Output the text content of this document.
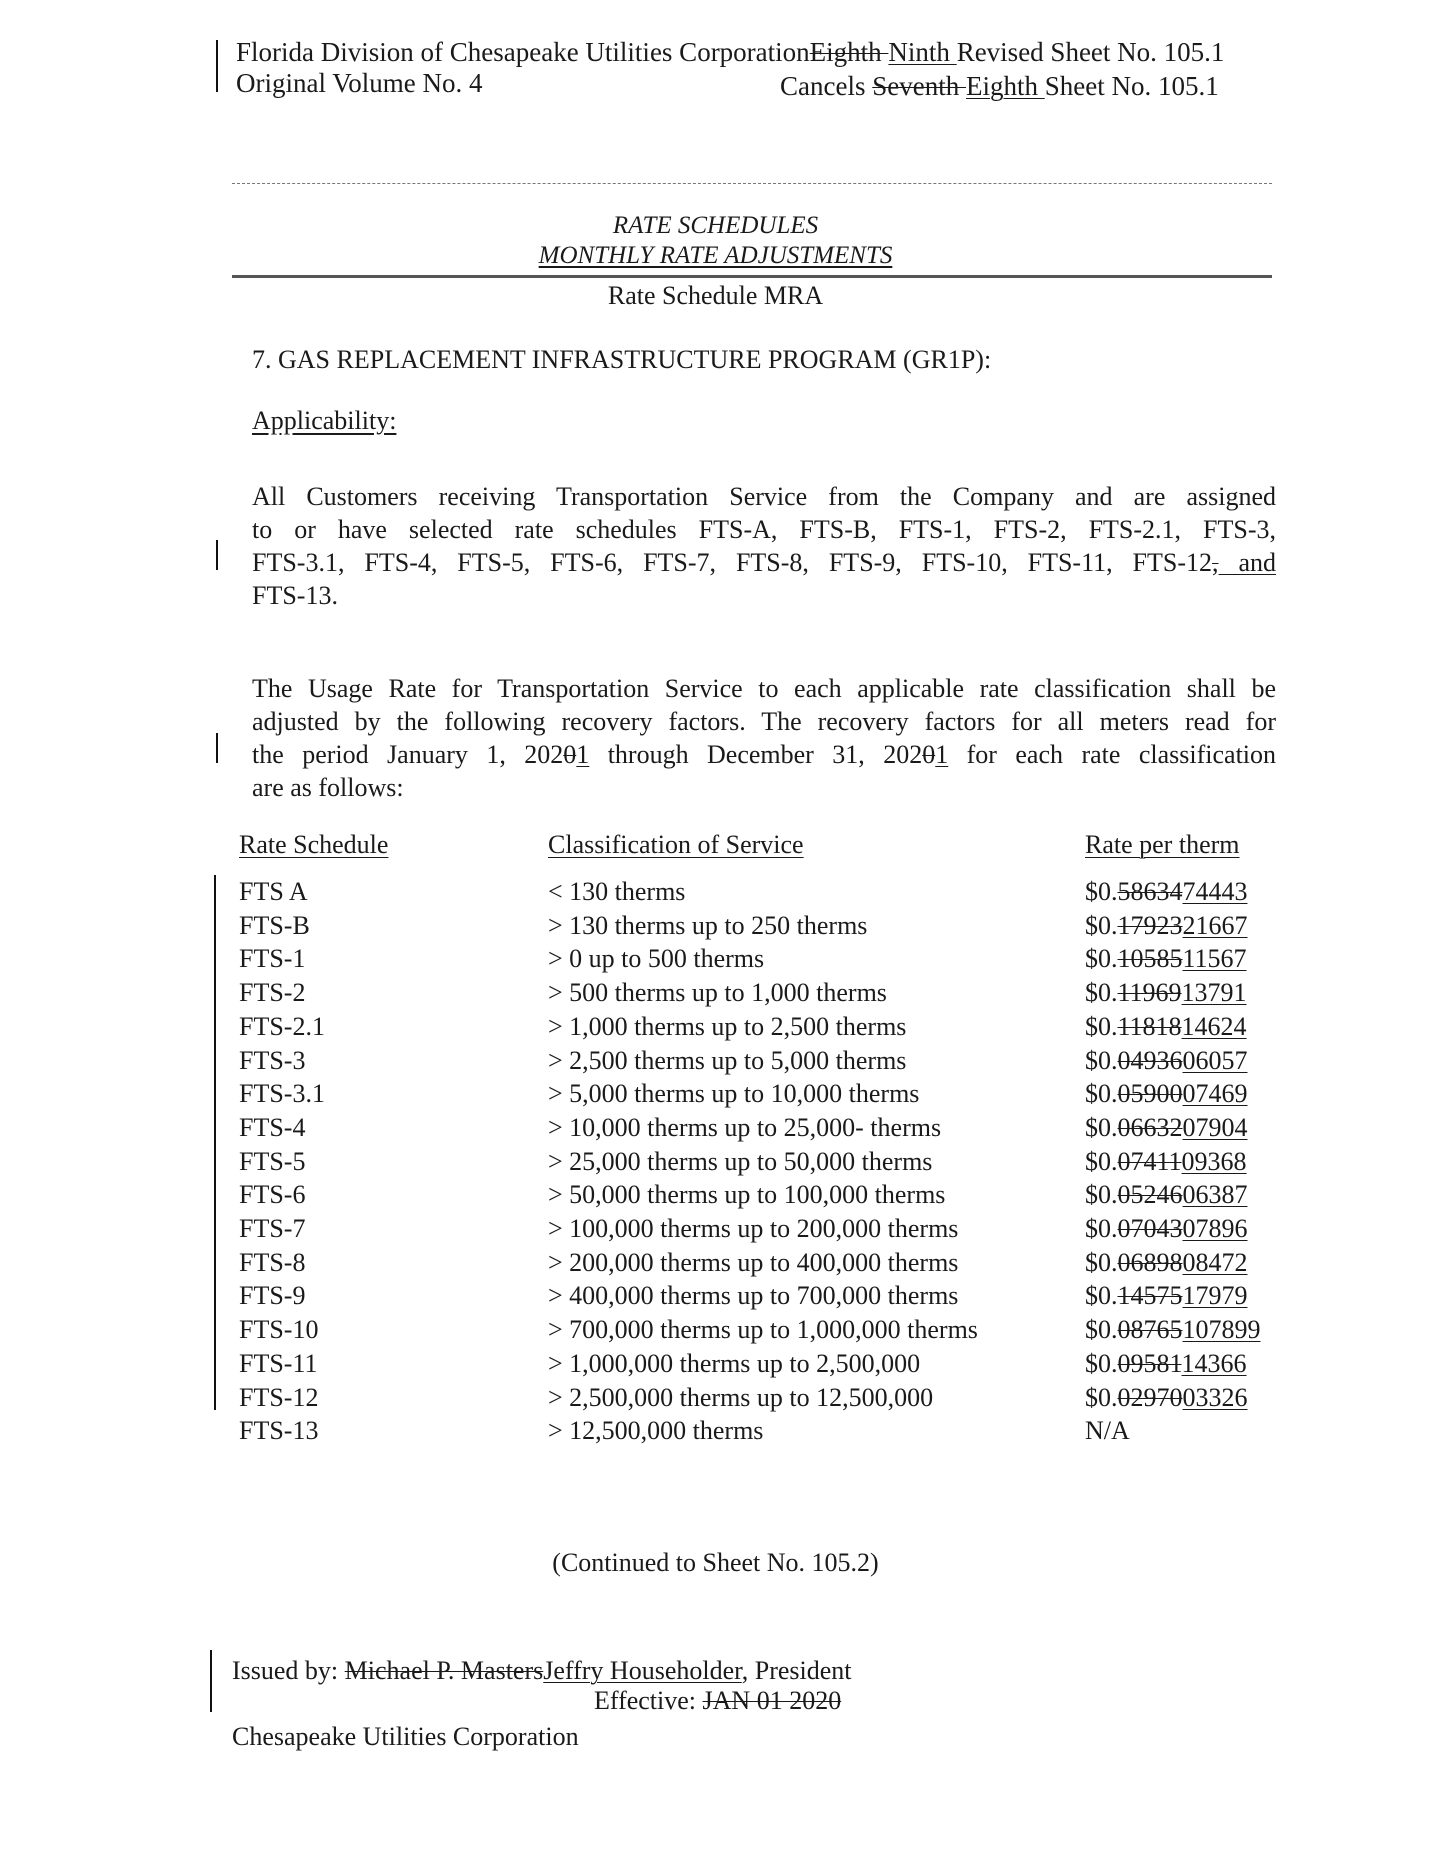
Florida Division of Chesapeake Utilities CorporationEighth Ninth Revised Sheet No. 105.1
Original Volume No. 4	Cancels Seventh Eighth Sheet No. 105.1
RATE SCHEDULES
MONTHLY RATE ADJUSTMENTS
Rate Schedule MRA
7. GAS REPLACEMENT INFRASTRUCTURE PROGRAM (GR1P):
Applicability:
All Customers receiving Transportation Service from the Company and are assigned
to or have selected rate schedules FTS-A, FTS-B, FTS-1, FTS-2, FTS-2.1, FTS-3,
FTS-3.1, FTS-4, FTS-5, FTS-6, FTS-7, FTS-8, FTS-9, FTS-10, FTS-11, FTS-12, and
FTS-13.
The Usage Rate for Transportation Service to each applicable rate classification shall be
adjusted by the following recovery factors. The recovery factors for all meters read for
the period January 1, 20201 through December 31, 20201 for each rate classification
are as follows:
Rate Schedule	Classification of Service	Rate per therm
FTS A	< 130 therms	$0.5863474443
FTS-B	> 130 therms up to 250 therms	$0.1792321667
FTS-1	> 0 up to 500 therms	$0.1058511567
FTS-2	> 500 therms up to 1,000 therms	$0.1196913791
FTS-2.1	> 1,000 therms up to 2,500 therms	$0.1181814624
FTS-3	> 2,500 therms up to 5,000 therms	$0.0493606057
FTS-3.1	> 5,000 therms up to 10,000 therms	$0.0590007469
FTS-4	> 10,000 therms up to 25,000- therms	$0.0663207904
FTS-5	> 25,000 therms up to 50,000 therms	$0.0741109368
FTS-6	> 50,000 therms up to 100,000 therms	$0.0524606387
FTS-7	> 100,000 therms up to 200,000 therms	$0.0704307896
FTS-8	> 200,000 therms up to 400,000 therms	$0.0689808472
FTS-9	> 400,000 therms up to 700,000 therms	$0.1457517979
FTS-10	> 700,000 therms up to 1,000,000 therms	$0.08765107899
FTS-11	> 1,000,000 therms up to 2,500,000	$0.0958114366
FTS-12	> 2,500,000 therms up to 12,500,000	$0.0297003326
FTS-13	> 12,500,000 therms	N/A
(Continued to Sheet No. 105.2)
Issued by: Michael P. MastersJeffry Householder, President
Effective: JAN 01 2020
Chesapeake Utilities Corporation
